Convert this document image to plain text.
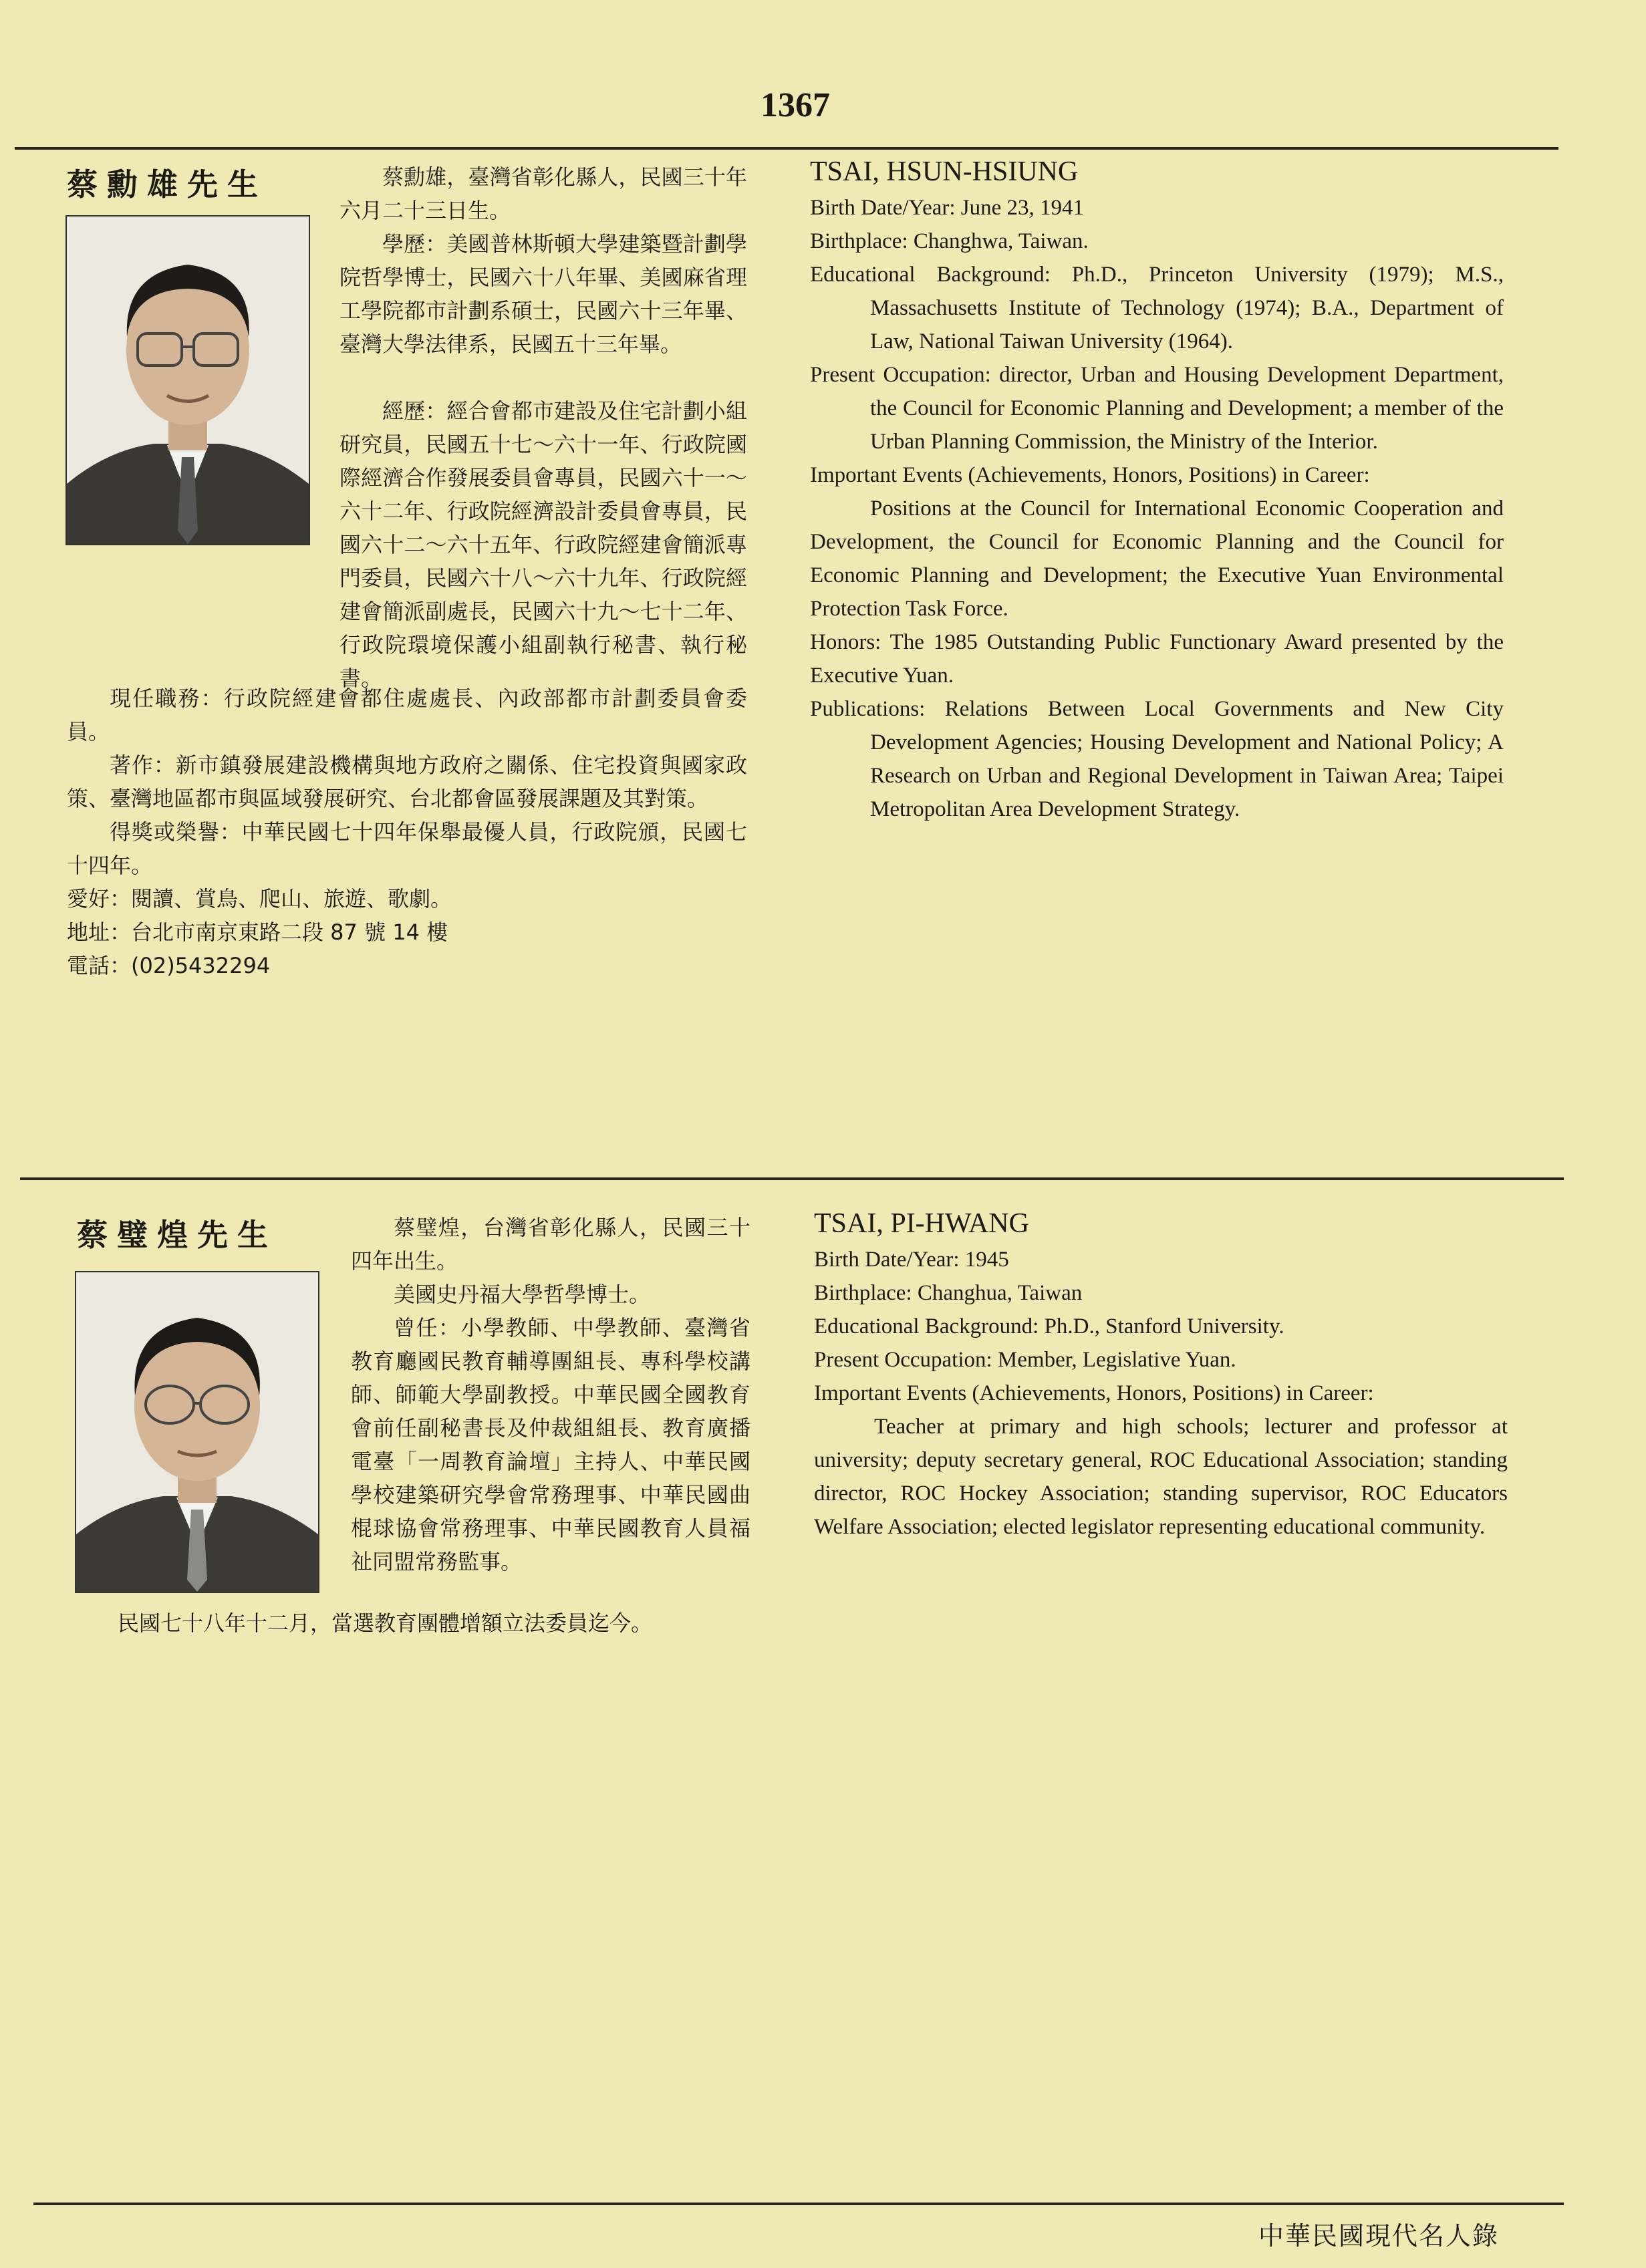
1367
蔡勳雄先生	蔡勳雄，臺灣省彰化縣人，民國三十年六月二十三日生。

學歷：美國普林斯頓大學建築暨計劃學院哲學博士，民國六十八年畢、美國麻省理工學院都市計劃系碩士，民國六十三年畢、臺灣大學法律系，民國五十三年畢。

經歷：經合會都市建設及住宅計劃小組研究員，民國五十七～六十一年、行政院國際經濟合作發展委員會專員，民國六十一～六十二年、行政院經濟設計委員會專員，民國六十二～六十五年、行政院經建會簡派專門委員，民國六十八～六十九年、行政院經建會簡派副處長，民國六十九～七十二年、行政院環境保護小組副執行秘書、執行秘書。

現任職務：行政院經建會都住處處長、內政部都市計劃委員會委員。

著作：新市鎮發展建設機構與地方政府之關係、住宅投資與國家政策、臺灣地區都市與區域發展研究、台北都會區發展課題及其對策。

得獎或榮譽：中華民國七十四年保舉最優人員，行政院頒，民國七十四年。

愛好：閱讀、賞鳥、爬山、旅遊、歌劇。

地址：台北市南京東路二段 87 號 14 樓

電話：(02)5432294

TSAI, HSUN-HSIUNG

Birth Date/Year: June 23, 1941

Birthplace: Changhwa, Taiwan.

Educational Background: Ph.D., Princeton University (1979); M.S., Massachusetts Institute of Technology (1974); B.A., Department of Law, National Taiwan University (1964).

Present Occupation: director, Urban and Housing Development Department, the Council for Economic Planning and Development; a member of the Urban Planning Commission, the Ministry of the Interior.

Important Events (Achievements, Honors, Positions) in Career:

Positions at the Council for International Economic Cooperation and Development, the Council for Economic Planning and the Council for Economic Planning and Development; the Executive Yuan Environmental Protection Task Force.

Honors: The 1985 Outstanding Public Functionary Award presented by the Executive Yuan.

Publications: Relations Between Local Governments and New City Development Agencies; Housing Development and National Policy; A Research on Urban and Regional Development in Taiwan Area; Taipei Metropolitan Area Development Strategy.

蔡璧煌先生	蔡璧煌，台灣省彰化縣人，民國三十四年出生。

美國史丹福大學哲學博士。

曾任：小學教師、中學教師、臺灣省教育廳國民教育輔導團組長、專科學校講師、師範大學副教授。中華民國全國教育會前任副秘書長及仲裁組組長、教育廣播電臺「一周教育論壇」主持人、中華民國學校建築研究學會常務理事、中華民國曲棍球協會常務理事、中華民國教育人員福祉同盟常務監事。

民國七十八年十二月，當選教育團體增額立法委員迄今。

TSAI, PI-HWANG

Birth Date/Year: 1945

Birthplace: Changhua, Taiwan

Educational Background: Ph.D., Stanford University.

Present Occupation: Member, Legislative Yuan.

Important Events (Achievements, Honors, Positions) in Career:

Teacher at primary and high schools; lecturer and professor at university; deputy secretary general, ROC Educational Association; standing director, ROC Hockey Association; standing supervisor, ROC Educators Welfare Association; elected legislator representing educational community.

中華民國現代名人錄
